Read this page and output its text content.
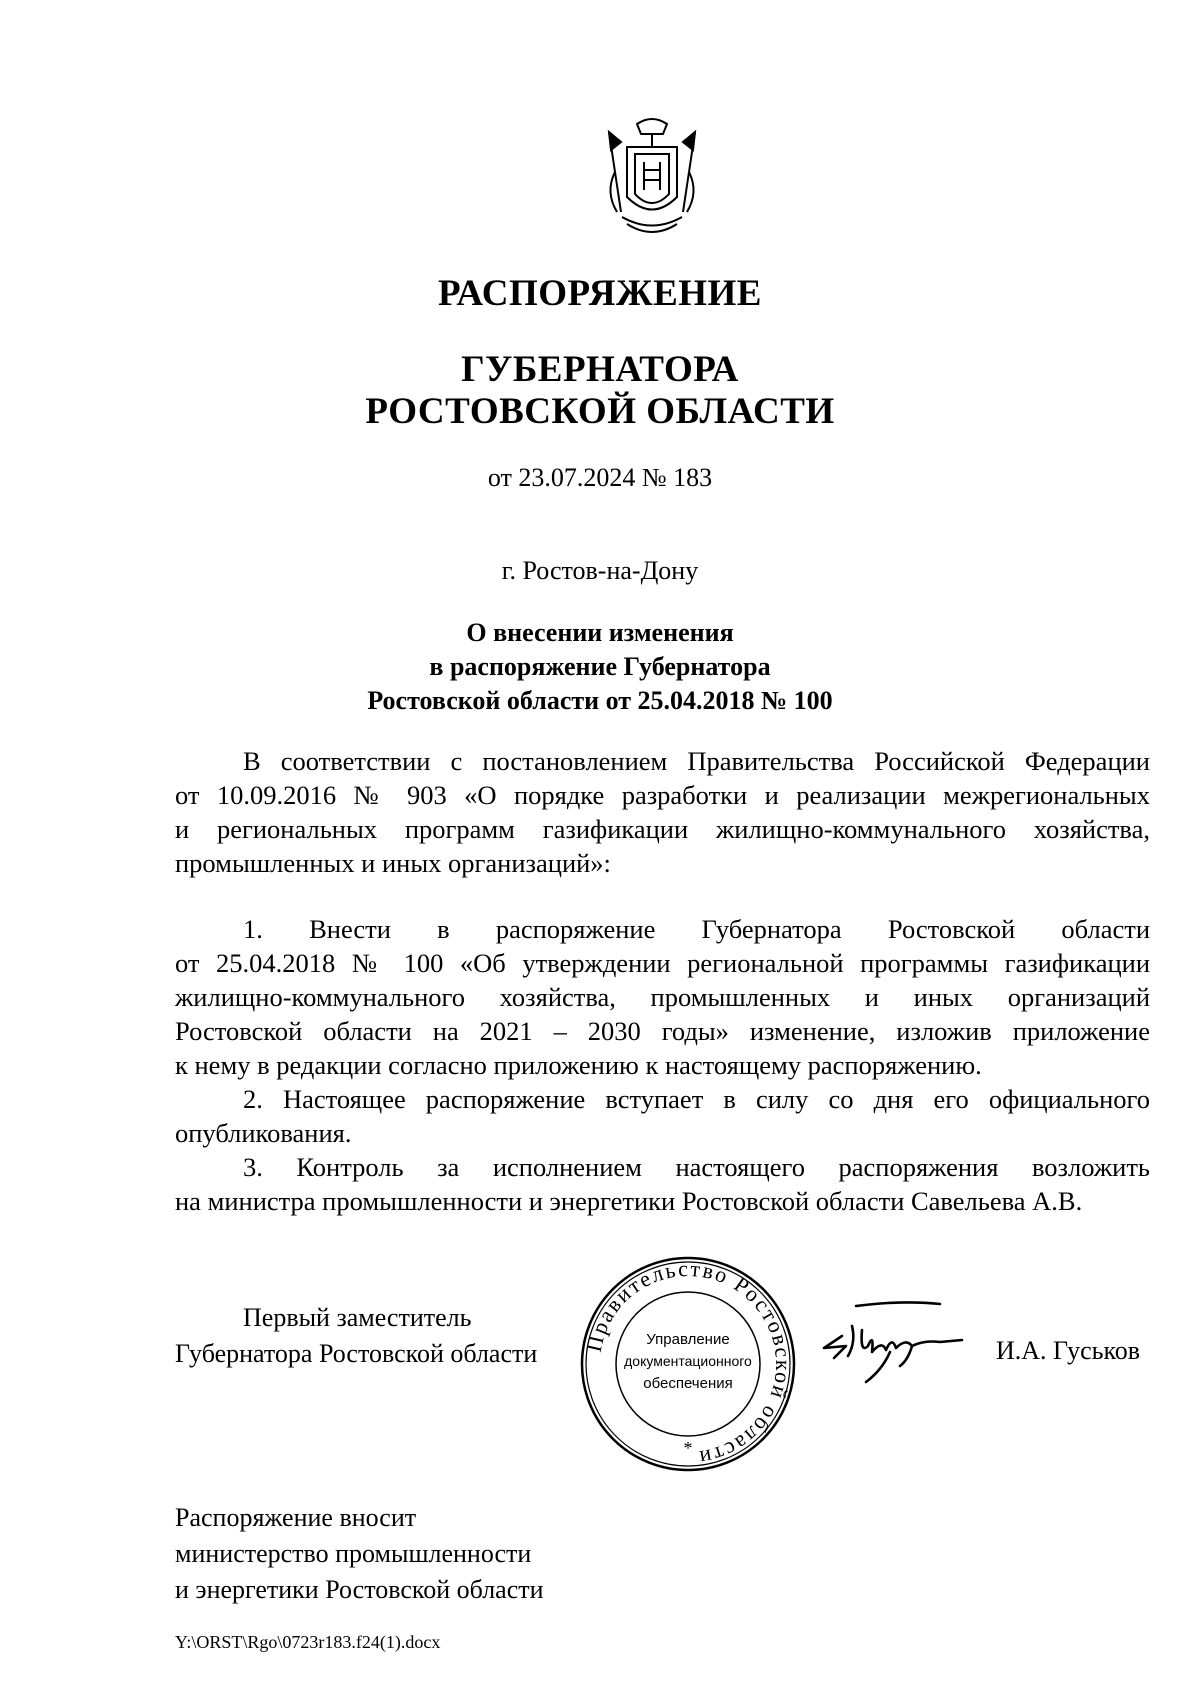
РАСПОРЯЖЕНИЕ
ГУБЕРНАТОРА
РОСТОВСКОЙ ОБЛАСТИ
от 23.07.2024 № 183
г. Ростов-на-Дону
О внесении изменения
в распоряжение Губернатора
Ростовской области от 25.04.2018 № 100
В соответствии с постановлением Правительства Российской Федерации
от 10.09.2016 № 903 «О порядке разработки и реализации межрегиональных
и региональных программ газификации жилищно-коммунального хозяйства,
промышленных и иных организаций»:
1. Внести в распоряжение Губернатора Ростовской области
от 25.04.2018 № 100 «Об утверждении региональной программы газификации
жилищно-коммунального хозяйства, промышленных и иных организаций
Ростовской области на 2021 – 2030 годы» изменение, изложив приложение
к нему в редакции согласно приложению к настоящему распоряжению.
2. Настоящее распоряжение вступает в силу со дня его официального
опубликования.
3. Контроль за исполнением настоящего распоряжения возложить
на министра промышленности и энергетики Ростовской области Савельева А.В.
Первый заместитель
Губернатора Ростовской области Правительство Ростовской области
Управление
документационного
обеспечения
*
И.А. Гуськов
Распоряжение вносит
министерство промышленности
и энергетики Ростовской области
Y:\ORST\Rgo\0723r183.f24(1).docx
